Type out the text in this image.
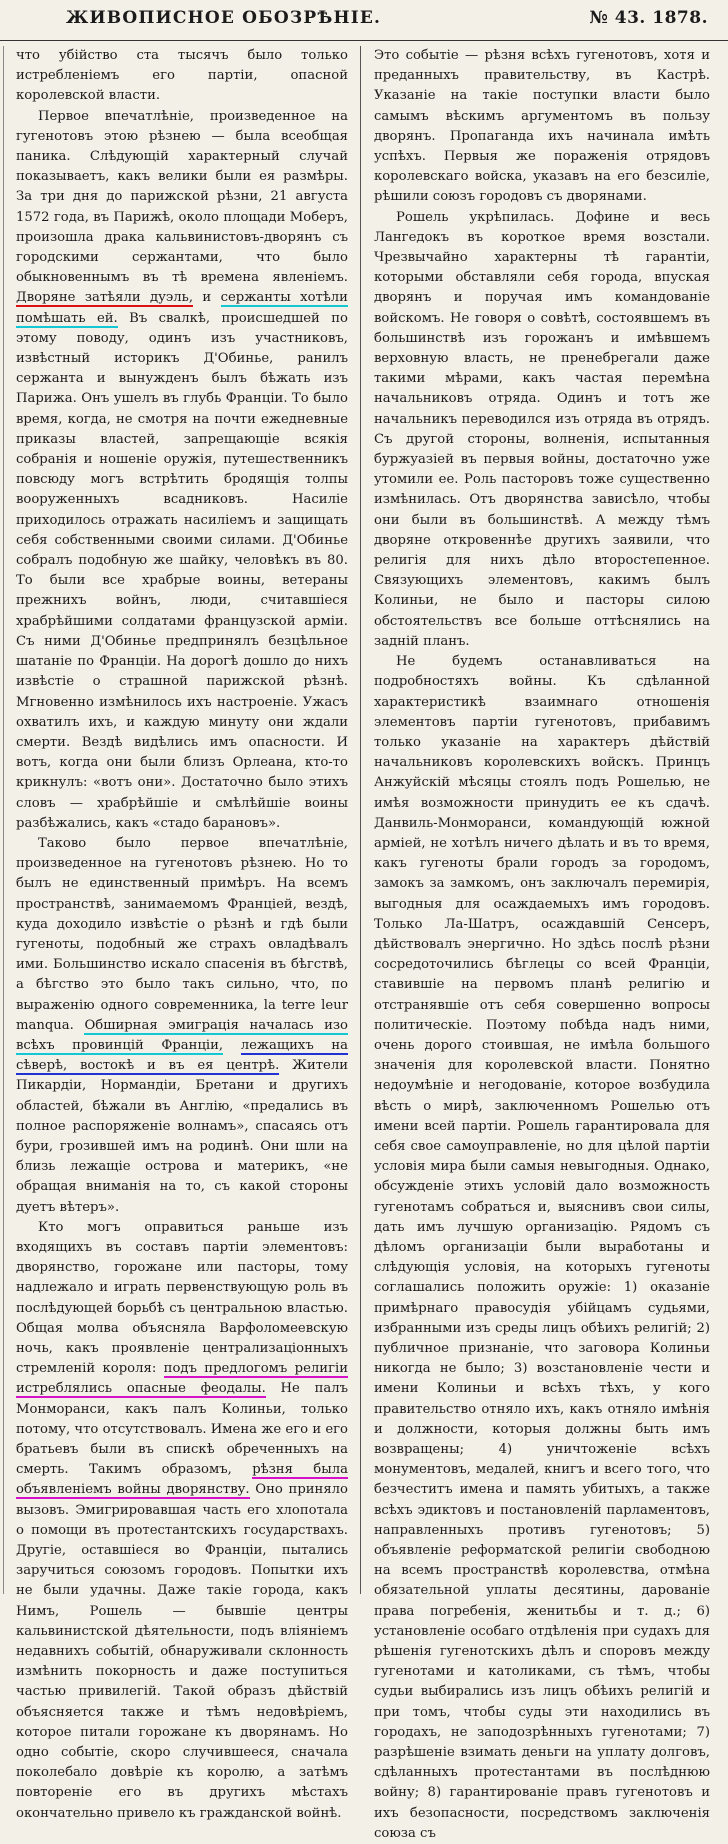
ЖИВОПИСНОЕ ОБОЗРѢНІЕ.	№ 43. 1878.

что убійство ста тысячъ было только истребленіемъ его партіи, опасной королевской власти.

Первое впечатлѣніе, произведенное на гугенотовъ этою рѣзнею — была всеобщая паника. Слѣдующій характерный случай показываетъ, какъ велики были ея размѣры. За три дня до парижской рѣзни, 21 августа 1572 года, въ Парижѣ, около площади Моберъ, произошла драка кальвинистовъ-дворянъ съ городскими сержантами, что было обыкновеннымъ въ тѣ времена явленіемъ. Дворяне затѣяли дуэль, и сержанты хотѣли помѣшать ей. Въ свалкѣ, происшедшей по этому поводу, одинъ изъ участниковъ, извѣстный историкъ Д'Обинье, ранилъ сержанта и вынужденъ былъ бѣжать изъ Парижа. Онъ ушелъ въ глубь Франціи. То было время, когда, не смотря на почти ежедневные приказы властей, запрещающіе всякія собранія и ношеніе оружія, путешественникъ повсюду могъ встрѣтить бродящія толпы вооруженныхъ всадниковъ. Насиліе приходилось отражать насиліемъ и защищать себя собственными своими силами. Д'Обинье собралъ подобную же шайку, человѣкъ въ 80. То были все храбрые воины, ветераны прежнихъ войнъ, люди, считавшіеся храбрѣйшими солдатами французской арміи. Съ ними Д'Обинье предпринялъ безцѣльное шатаніе по Франціи. На дорогѣ дошло до нихъ извѣстіе о страшной парижской рѣзнѣ. Мгновенно измѣнилось ихъ настроеніе. Ужасъ охватилъ ихъ, и каждую минуту они ждали смерти. Вездѣ видѣлись имъ опасности. И вотъ, когда они были близъ Орлеана, кто-то крикнулъ: «вотъ они». Достаточно было этихъ словъ — храбрѣйшіе и смѣлѣйшіе воины разбѣжались, какъ «стадо барановъ».

Таково было первое впечатлѣніе, произведенное на гугенотовъ рѣзнею. Но то былъ не единственный примѣръ. На всемъ пространствѣ, занимаемомъ Франціей, вездѣ, куда доходило извѣстіе о рѣзнѣ и гдѣ были гугеноты, подобный же страхъ овладѣвалъ ими. Большинство искало спасенія въ бѣгствѣ, а бѣгство это было такъ сильно, что, по выраженію одного современника, la terre leur manqua. Обширная эмиграція началась изо всѣхъ провинцій Франціи, лежащихъ на сѣверѣ, востокѣ и въ ея центрѣ. Жители Пикардіи, Нормандіи, Бретани и другихъ областей, бѣжали въ Англію, «предались въ полное распоряженіе волнамъ», спасаясь отъ бури, грозившей имъ на родинѣ. Они шли на близь лежащіе острова и материкъ, «не обращая вниманія на то, съ какой стороны дуетъ вѣтеръ».

Кто могъ оправиться раньше изъ входящихъ въ составъ партіи элементовъ: дворянство, горожане или пасторы, тому надлежало и играть первенствующую роль въ послѣдующей борьбѣ съ центральною властью. Общая молва объясняла Варфоломеевскую ночь, какъ проявленіе централизаціонныхъ стремленій короля: подъ предлогомъ религіи истреблялись опасные феодалы. Не палъ Монморанси, какъ палъ Колиньи, только потому, что отсутствовалъ. Имена же его и его братьевъ были въ спискѣ обреченныхъ на смерть. Такимъ образомъ, рѣзня была объявленіемъ войны дворянству. Оно приняло вызовъ. Эмигрировавшая часть его хлопотала о помощи въ протестантскихъ государствахъ. Другіе, оставшіеся во Франціи, пытались заручиться союзомъ городовъ. Попытки ихъ не были удачны. Даже такіе города, какъ Нимъ, Рошель — бывшіе центры кальвинистской дѣятельности, подъ вліяніемъ недавнихъ событій, обнаруживали склонность измѣнить покорность и даже поступиться частью привилегій. Такой образъ дѣйствій объясняется также и тѣмъ недовѣріемъ, которое питали горожане къ дворянамъ. Но одно событіе, скоро случившееся, сначала поколебало довѣріе къ королю, а затѣмъ повтореніе его въ другихъ мѣстахъ окончательно привело къ гражданской войнѣ.

Это событіе — рѣзня всѣхъ гугенотовъ, хотя и преданныхъ правительству, въ Кастрѣ. Указаніе на такіе поступки власти было самымъ вѣскимъ аргументомъ въ пользу дворянъ. Пропаганда ихъ начинала имѣть успѣхъ. Первыя же пораженія отрядовъ королевскаго войска, указавъ на его безсиліе, рѣшили союзъ городовъ съ дворянами.

Рошель укрѣпилась. Дофине и весь Лангедокъ въ короткое время возстали. Чрезвычайно характерны тѣ гарантіи, которыми обставляли себя города, впуская дворянъ и поручая имъ командованіе войскомъ. Не говоря о совѣтѣ, состоявшемъ въ большинствѣ изъ горожанъ и имѣвшемъ верховную власть, не пренебрегали даже такими мѣрами, какъ частая перемѣна начальниковъ отряда. Одинъ и тотъ же начальникъ переводился изъ отряда въ отрядъ. Съ другой стороны, волненія, испытанныя буржуазіей въ первыя войны, достаточно уже утомили ее. Роль пасторовъ тоже существенно измѣнилась. Отъ дворянства зависѣло, чтобы они были въ большинствѣ. А между тѣмъ дворяне откровеннѣе другихъ заявили, что религія для нихъ дѣло второстепенное. Связующихъ элементовъ, какимъ былъ Колиньи, не было и пасторы силою обстоятельствъ все больше оттѣснялись на задній планъ.

Не будемъ останавливаться на подробностяхъ войны. Къ сдѣланной характеристикѣ взаимнаго отношенія элементовъ партіи гугенотовъ, прибавимъ только указаніе на характеръ дѣйствій начальниковъ королевскихъ войскъ. Принцъ Анжуйскій мѣсяцы стоялъ подъ Рошелью, не имѣя возможности принудить ее къ сдачѣ. Данвиль-Монморанси, командующій южной арміей, не хотѣлъ ничего дѣлать и въ то время, какъ гугеноты брали городъ за городомъ, замокъ за замкомъ, онъ заключалъ перемирія, выгодныя для осаждаемыхъ имъ городовъ. Только Ла-Шатръ, осаждавшій Сенсеръ, дѣйствовалъ энергично. Но здѣсь послѣ рѣзни сосредоточились бѣглецы со всей Франціи, ставившіе на первомъ планѣ религію и отстранявшіе отъ себя совершенно вопросы политическіе. Поэтому побѣда надъ ними, очень дорого стоившая, не имѣла большого значенія для королевской власти. Понятно недоумѣніе и негодованіе, которое возбудила вѣсть о мирѣ, заключенномъ Рошелью отъ имени всей партіи. Рошель гарантировала для себя свое самоуправленіе, но для цѣлой партіи условія мира были самыя невыгодныя. Однако, обсужденіе этихъ условій дало возможность гугенотамъ собраться и, выяснивъ свои силы, дать имъ лучшую организацію. Рядомъ съ дѣломъ организаціи были выработаны и слѣдующія условія, на которыхъ гугеноты соглашались положить оружіе: 1) оказаніе примѣрнаго правосудія убійцамъ судьями, избранными изъ среды лицъ обѣихъ религій; 2) публичное признаніе, что заговора Колиньи никогда не было; 3) возстановленіе чести и имени Колиньи и всѣхъ тѣхъ, у кого правительство отняло ихъ, какъ отняло имѣнія и должности, которыя должны быть имъ возвращены; 4) уничтоженіе всѣхъ монументовъ, медалей, книгъ и всего того, что безчеститъ имена и память убитыхъ, а также всѣхъ эдиктовъ и постановленій парламентовъ, направленныхъ противъ гугенотовъ; 5) объявленіе реформатской религіи свободною на всемъ пространствѣ королевства, отмѣна обязательной уплаты десятины, дарованіе права погребенія, женитьбы и т. д.; 6) установленіе особаго отдѣленія при судахъ для рѣшенія гугенотскихъ дѣлъ и споровъ между гугенотами и католиками, съ тѣмъ, чтобы судьи выбирались изъ лицъ обѣихъ религій и при томъ, чтобы суды эти находились въ городахъ, не заподозрѣнныхъ гугенотами; 7) разрѣшеніе взимать деньги на уплату долговъ, сдѣланныхъ протестантами въ послѣднюю войну; 8) гарантированіе правъ гугенотовъ и ихъ безопасности, посредствомъ заключенія союза съ
